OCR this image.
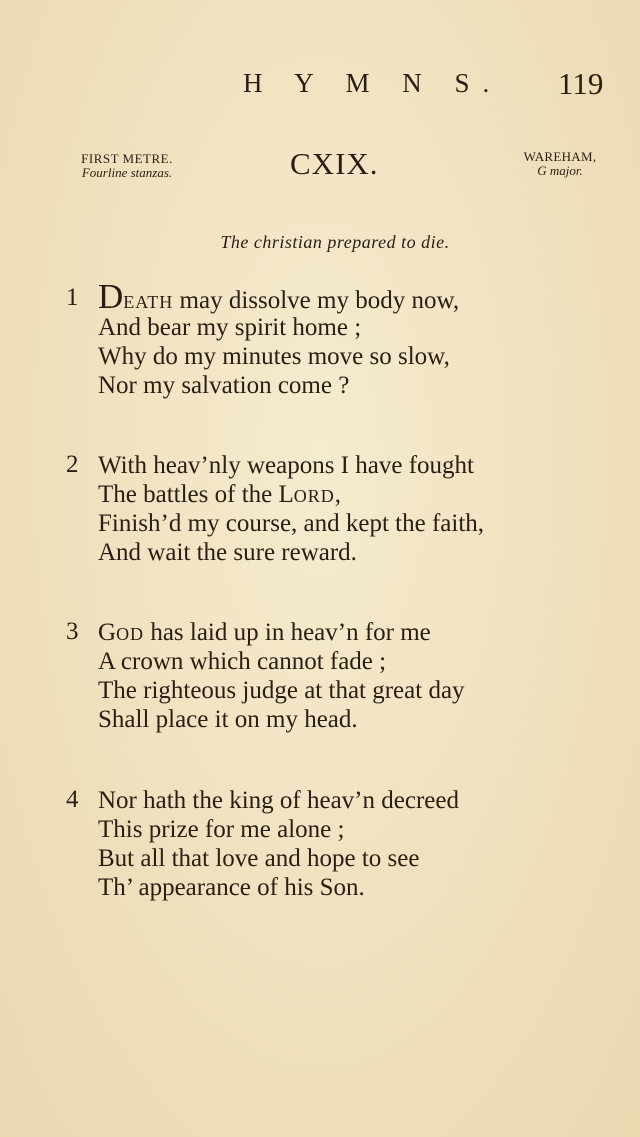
H Y M N S. 119
FIRST METRE.
Fourline stanzas.	CXIX.	WAREHAM,
G major.
The christian prepared to die.
1 DEATH may dissolve my body now,
And bear my spirit home ;
Why do my minutes move so slow,
Nor my salvation come ?
2 With heav’nly weapons I have fought
The battles of the LORD,
Finish’d my course, and kept the faith,
And wait the sure reward.
3 GOD has laid up in heav’n for me
A crown which cannot fade ;
The righteous judge at that great day
Shall place it on my head.
4 Nor hath the king of heav’n decreed
This prize for me alone ;
But all that love and hope to see
Th’ appearance of his Son.
